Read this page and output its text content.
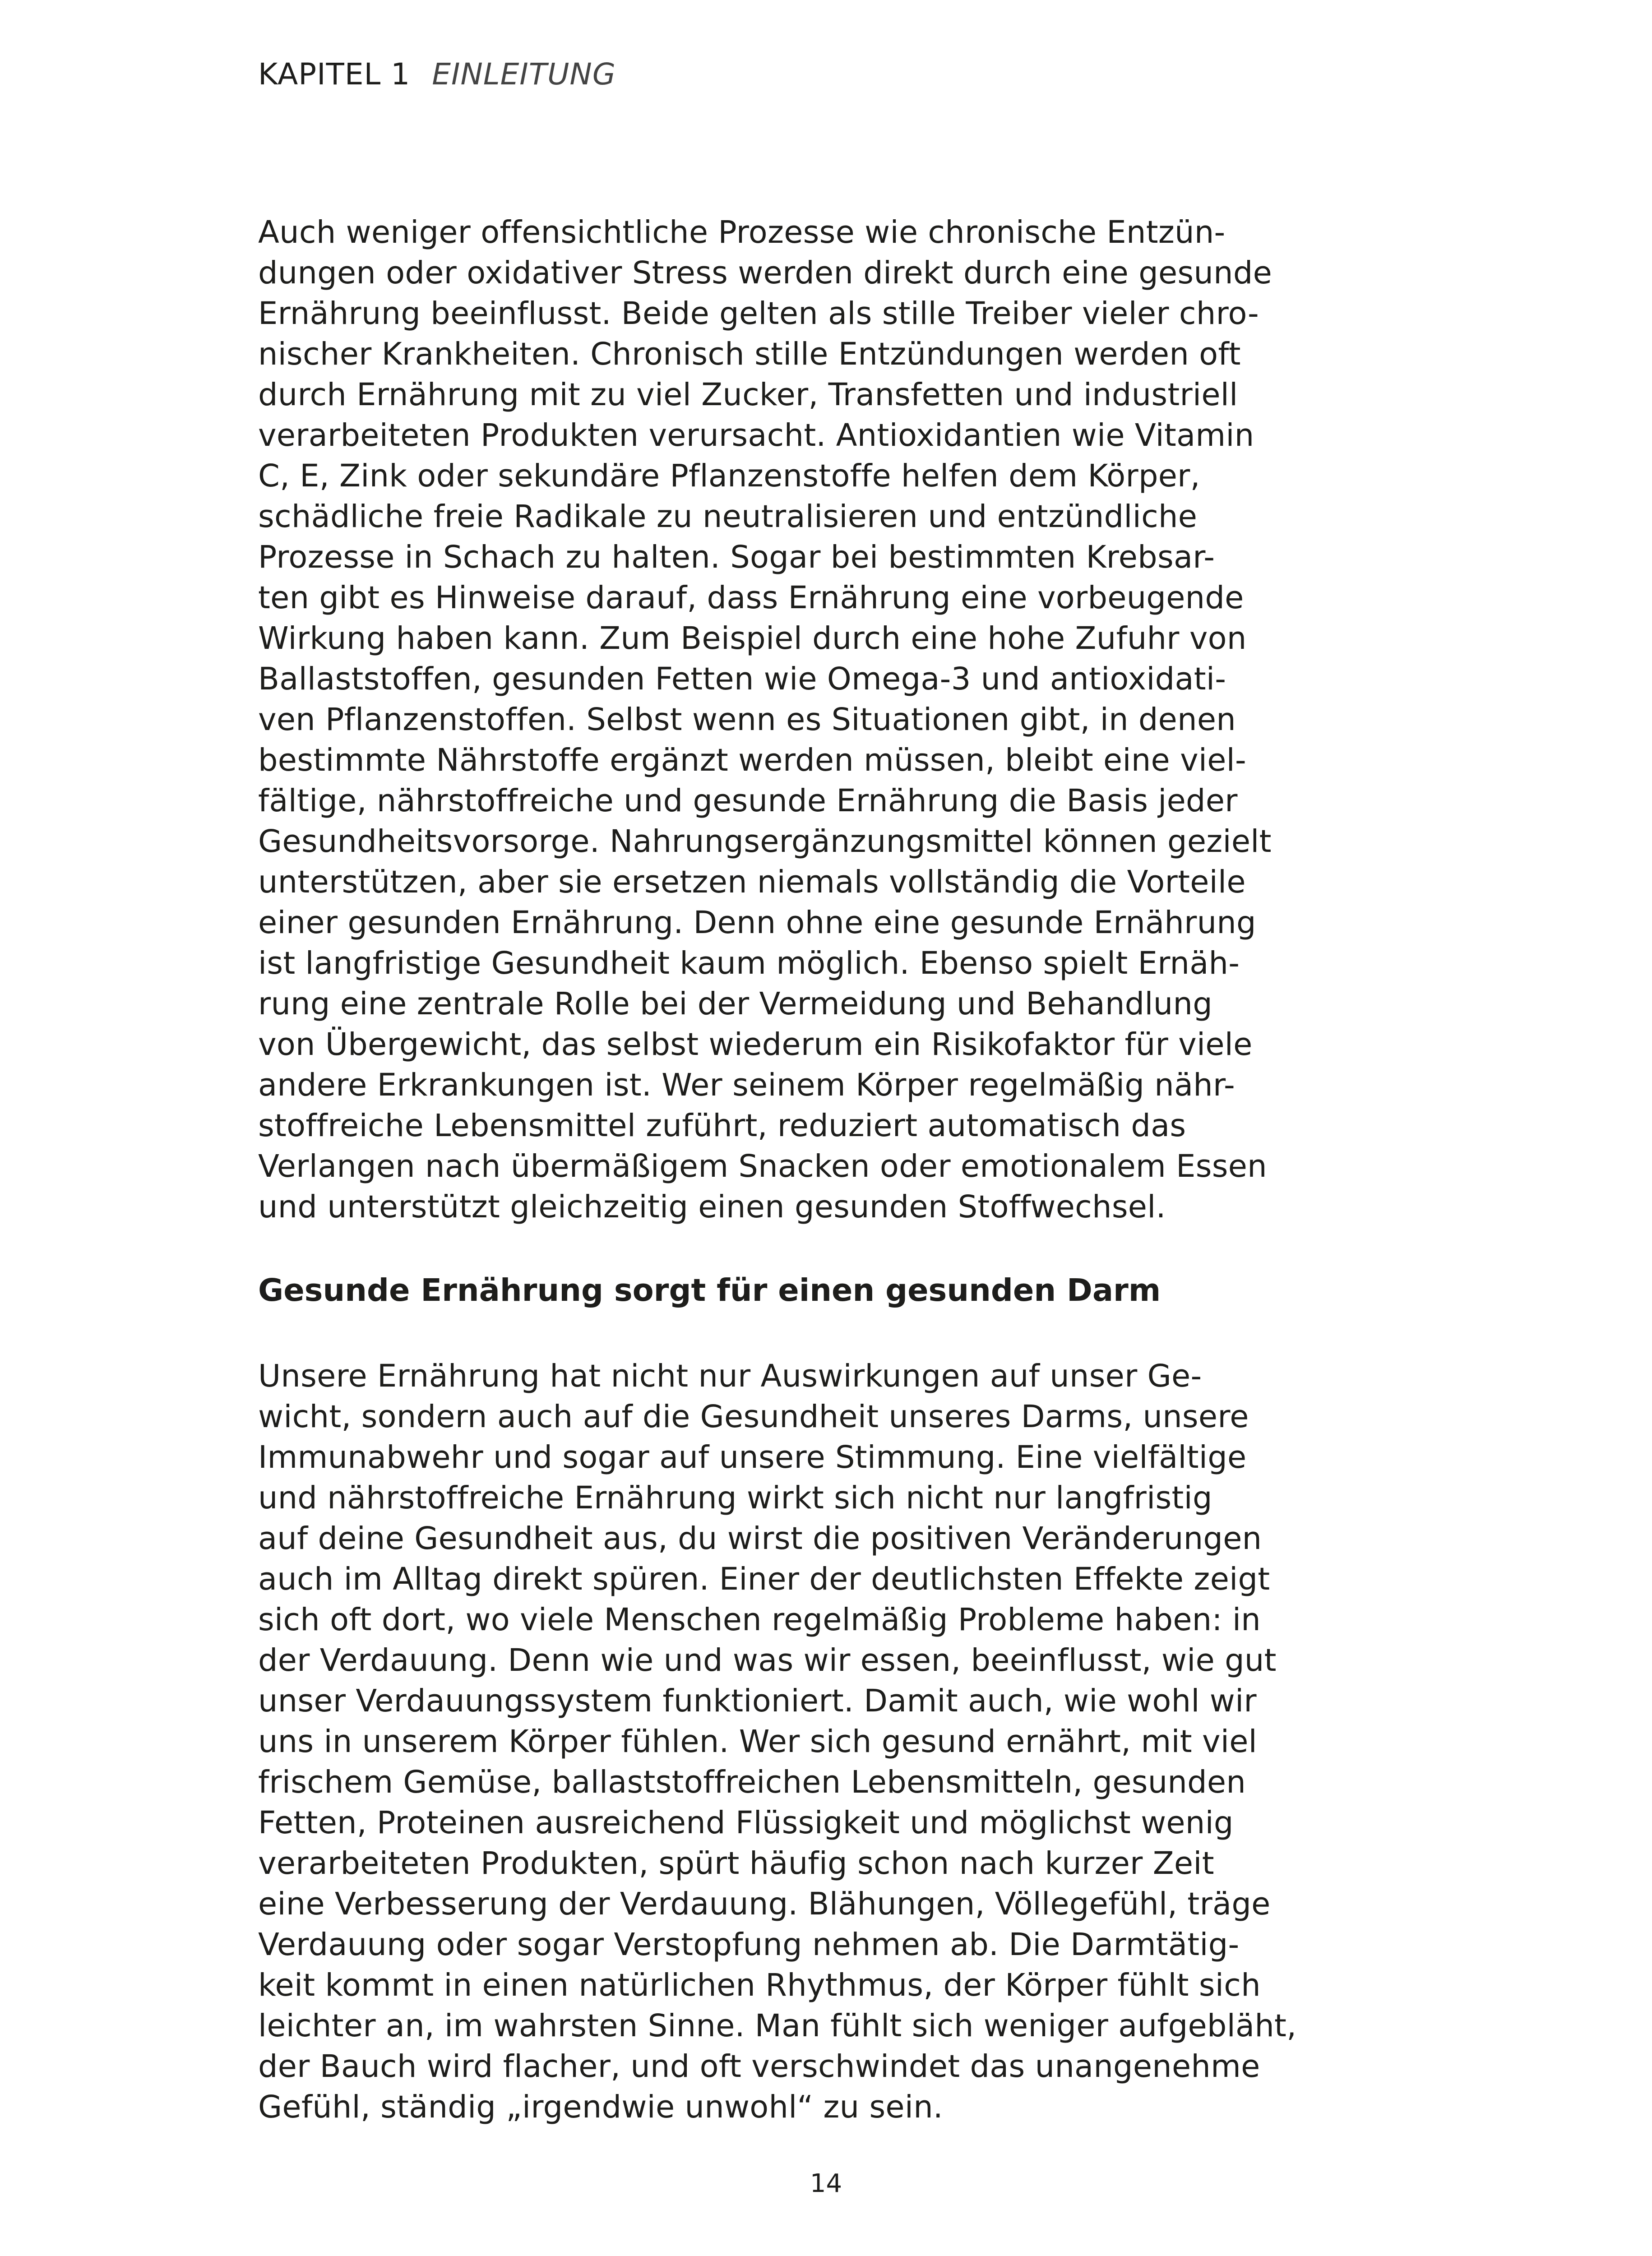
KAPITEL 1 EINLEITUNG
Auch weniger offensichtliche Prozesse wie chronische Entzün-
dungen oder oxidativer Stress werden direkt durch eine gesunde
Ernährung beeinflusst. Beide gelten als stille Treiber vieler chro-
nischer Krankheiten. Chronisch stille Entzündungen werden oft
durch Ernährung mit zu viel Zucker, Transfetten und industriell
verarbeiteten Produkten verursacht. Antioxidantien wie Vitamin
C, E, Zink oder sekundäre Pflanzenstoffe helfen dem Körper,
schädliche freie Radikale zu neutralisieren und entzündliche
Prozesse in Schach zu halten. Sogar bei bestimmten Krebsar-
ten gibt es Hinweise darauf, dass Ernährung eine vorbeugende
Wirkung haben kann. Zum Beispiel durch eine hohe Zufuhr von
Ballaststoffen, gesunden Fetten wie Omega-3 und antioxidati-
ven Pflanzenstoffen. Selbst wenn es Situationen gibt, in denen
bestimmte Nährstoffe ergänzt werden müssen, bleibt eine viel-
fältige, nährstoffreiche und gesunde Ernährung die Basis jeder
Gesundheitsvorsorge. Nahrungsergänzungsmittel können gezielt
unterstützen, aber sie ersetzen niemals vollständig die Vorteile
einer gesunden Ernährung. Denn ohne eine gesunde Ernährung
ist langfristige Gesundheit kaum möglich. Ebenso spielt Ernäh-
rung eine zentrale Rolle bei der Vermeidung und Behandlung
von Übergewicht, das selbst wiederum ein Risikofaktor für viele
andere Erkrankungen ist. Wer seinem Körper regelmäßig nähr-
stoffreiche Lebensmittel zuführt, reduziert automatisch das
Verlangen nach übermäßigem Snacken oder emotionalem Essen
und unterstützt gleichzeitig einen gesunden Stoffwechsel.
Gesunde Ernährung sorgt für einen gesunden Darm
Unsere Ernährung hat nicht nur Auswirkungen auf unser Ge-
wicht, sondern auch auf die Gesundheit unseres Darms, unsere
Immunabwehr und sogar auf unsere Stimmung. Eine vielfältige
und nährstoffreiche Ernährung wirkt sich nicht nur langfristig
auf deine Gesundheit aus, du wirst die positiven Veränderungen
auch im Alltag direkt spüren. Einer der deutlichsten Effekte zeigt
sich oft dort, wo viele Menschen regelmäßig Probleme haben: in
der Verdauung. Denn wie und was wir essen, beeinflusst, wie gut
unser Verdauungssystem funktioniert. Damit auch, wie wohl wir
uns in unserem Körper fühlen. Wer sich gesund ernährt, mit viel
frischem Gemüse, ballaststoffreichen Lebensmitteln, gesunden
Fetten, Proteinen ausreichend Flüssigkeit und möglichst wenig
verarbeiteten Produkten, spürt häufig schon nach kurzer Zeit
eine Verbesserung der Verdauung. Blähungen, Völlegefühl, träge
Verdauung oder sogar Verstopfung nehmen ab. Die Darmtätig-
keit kommt in einen natürlichen Rhythmus, der Körper fühlt sich
leichter an, im wahrsten Sinne. Man fühlt sich weniger aufgebläht,
der Bauch wird flacher, und oft verschwindet das unangenehme
Gefühl, ständig „irgendwie unwohl“ zu sein.
14
